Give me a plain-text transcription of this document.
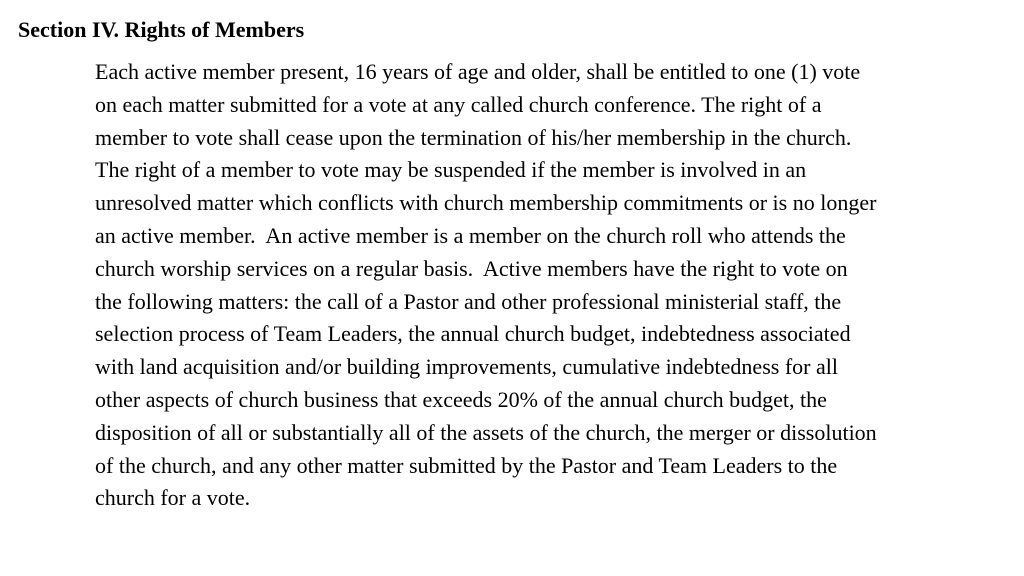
Section IV. Rights of Members
Each active member present, 16 years of age and older, shall be entitled to one (1) vote
on each matter submitted for a vote at any called church conference. The right of a
member to vote shall cease upon the termination of his/her membership in the church.
The right of a member to vote may be suspended if the member is involved in an
unresolved matter which conflicts with church membership commitments or is no longer
an active member.  An active member is a member on the church roll who attends the
church worship services on a regular basis.  Active members have the right to vote on
the following matters: the call of a Pastor and other professional ministerial staff, the
selection process of Team Leaders, the annual church budget, indebtedness associated
with land acquisition and/or building improvements, cumulative indebtedness for all
other aspects of church business that exceeds 20% of the annual church budget, the
disposition of all or substantially all of the assets of the church, the merger or dissolution
of the church, and any other matter submitted by the Pastor and Team Leaders to the
church for a vote.
